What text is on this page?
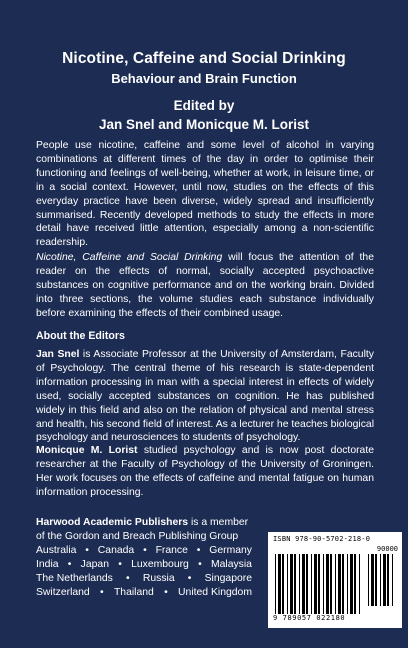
Nicotine, Caffeine and Social Drinking
Behaviour and Brain Function
Edited by
Jan Snel and Monicque M. Lorist

People use nicotine, caffeine and some level of alcohol in varying combinations at different times of the day in order to optimise their functioning and feelings of well-being, whether at work, in leisure time, or in a social context. However, until now, studies on the effects of this everyday practice have been diverse, widely spread and insufficiently summarised. Recently developed methods to study the effects in more detail have received little attention, especially among a non-scientific readership.

Nicotine, Caffeine and Social Drinking will focus the attention of the reader on the effects of normal, socially accepted psychoactive substances on cognitive performance and on the working brain. Divided into three sections, the volume studies each substance individually before examining the effects of their combined usage.

About the Editors

Jan Snel is Associate Professor at the University of Amsterdam, Faculty of Psychology. The central theme of his research is state-dependent information processing in man with a special interest in effects of widely used, socially accepted substances on cognition. He has published widely in this field and also on the relation of physical and mental stress and health, his second field of interest. As a lecturer he teaches biological psychology and neurosciences to students of psychology.

Monicque M. Lorist studied psychology and is now post doctorate researcher at the Faculty of Psychology of the University of Groningen. Her work focuses on the effects of caffeine and mental fatigue on human information processing.

Harwood Academic Publishers is a member of the Gordon and Breach Publishing Group

Australia • Canada • France • Germany
India • Japan • Luxembourg • Malaysia
The Netherlands • Russia • Singapore
Switzerland • Thailand • United Kingdom
ISBN 978-90-5702-218-0
90000
9 789057 022180
